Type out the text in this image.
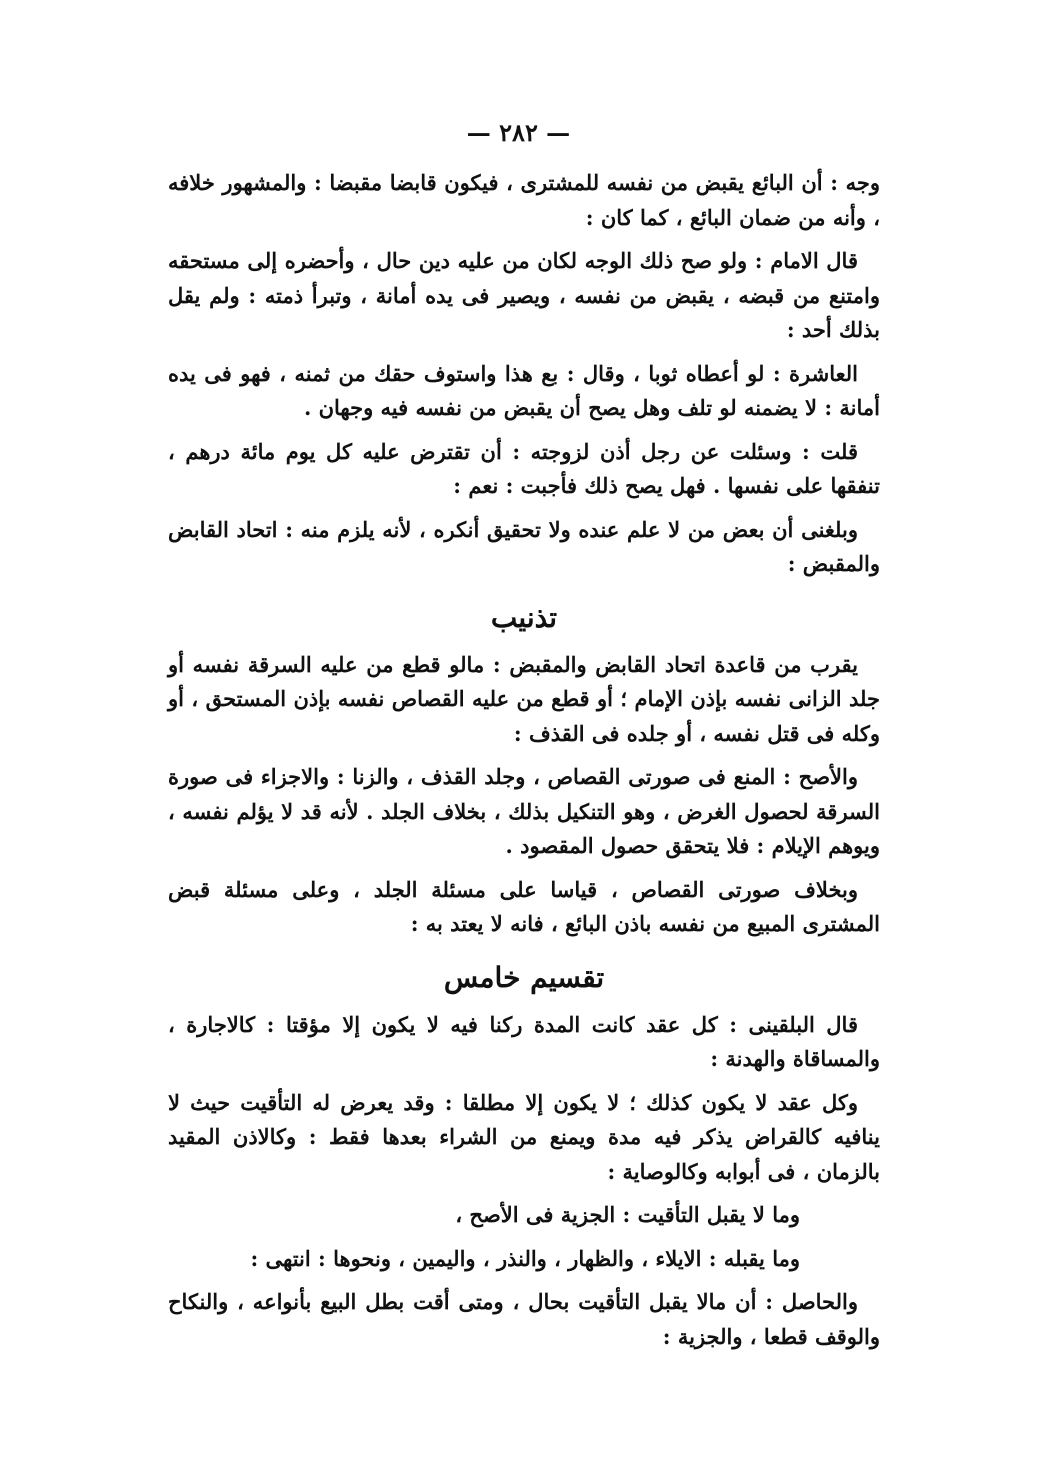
— ٢٨٢ —

وجه : أن البائع يقبض من نفسه للمشترى ، فيكون قابضا مقبضا : والمشهور خلافه ، وأنه من ضمان البائع ، كما كان :

قال الامام : ولو صح ذلك الوجه لكان من عليه دين حال ، وأحضره إلى مستحقه وامتنع من قبضه ، يقبض من نفسه ، ويصير فى يده أمانة ، وتبرأ ذمته : ولم يقل بذلك أحد :

العاشرة : لو أعطاه ثوبا ، وقال : بع هذا واستوف حقك من ثمنه ، فهو فى يده أمانة : لا يضمنه لو تلف وهل يصح أن يقبض من نفسه فيه وجهان .

قلت : وسئلت عن رجل أذن لزوجته : أن تقترض عليه كل يوم مائة درهم ، تنفقها على نفسها . فهل يصح ذلك فأجبت : نعم :

وبلغنى أن بعض من لا علم عنده ولا تحقيق أنكره ، لأنه يلزم منه : اتحاد القابض والمقبض :

تذنيب

يقرب من قاعدة اتحاد القابض والمقبض : مالو قطع من عليه السرقة نفسه أو جلد الزانى نفسه بإذن الإمام ؛ أو قطع من عليه القصاص نفسه بإذن المستحق ، أو وكله فى قتل نفسه ، أو جلده فى القذف :

والأصح : المنع فى صورتى القصاص ، وجلد القذف ، والزنا : والاجزاء فى صورة السرقة لحصول الغرض ، وهو التنكيل بذلك ، بخلاف الجلد . لأنه قد لا يؤلم نفسه ، ويوهم الإيلام : فلا يتحقق حصول المقصود .

وبخلاف صورتى القصاص ، قياسا على مسئلة الجلد ، وعلى مسئلة قبض المشترى المبيع من نفسه باذن البائع ، فانه لا يعتد به :

تقسيم خامس

قال البلقينى : كل عقد كانت المدة ركنا فيه لا يكون إلا مؤقتا : كالاجارة ، والمساقاة والهدنة :

وكل عقد لا يكون كذلك ؛ لا يكون إلا مطلقا : وقد يعرض له التأقيت حيث لا ينافيه كالقراض يذكر فيه مدة ويمنع من الشراء بعدها فقط : وكالاذن المقيد بالزمان ، فى أبوابه وكالوصاية :

وما لا يقبل التأقيت : الجزية فى الأصح ،

وما يقبله : الايلاء ، والظهار ، والنذر ، واليمين ، ونحوها : انتهى :

والحاصل : أن مالا يقبل التأقيت بحال ، ومتى أقت بطل البيع بأنواعه ، والنكاح والوقف قطعا ، والجزية :
